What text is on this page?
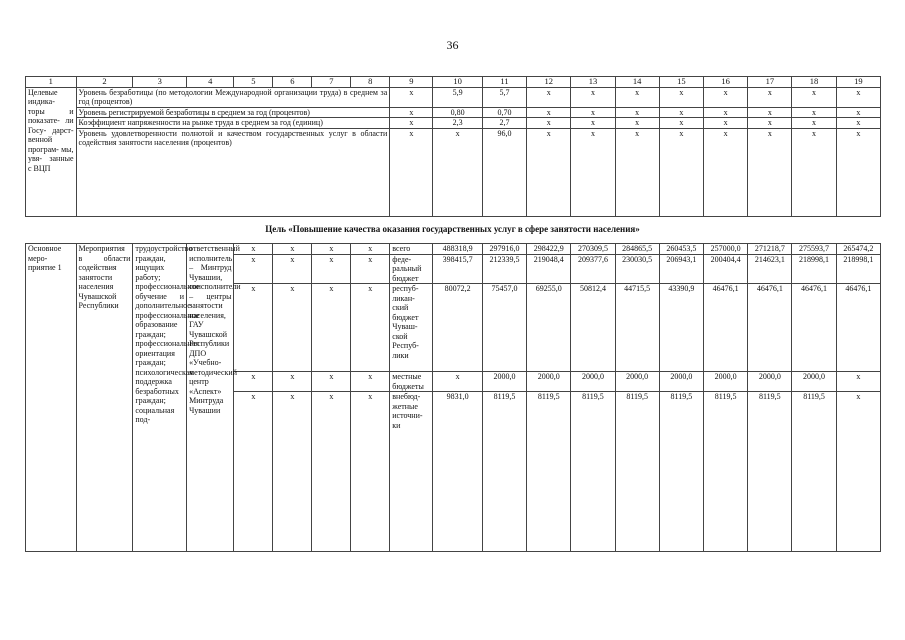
36
1	2	3	4	5	6	7	8	9	10	11	12	13	14	15	16	17	18	19
Целевые индика- торы и показате- ли Госу- дарст- венной програм- мы, увя- занные с ВЦП	Уровень безработицы (по методологии Международной организации труда) в среднем за год (процентов)							х	5,9	5,7	х	х	х	х	х	х	х	х
	Уровень регистрируемой безработицы в среднем за год (процентов)							х	0,80	0,70	х	х	х	х	х	х	х	х
	Коэффициент напряженности на рынке труда в среднем за год (единиц)							х	2,3	2,7	х	х	х	х	х	х	х	х
	Уровень удовлетворенности полнотой и качеством государственных услуг в области содействия занятости населения (процентов)							х	х	96,0	х	х	х	х	х	х	х	х
Цель «Повышение качества оказания государственных услуг в сфере занятости населения»
Основное меро- приятие 1	Мероприятия в области содействия занятости населения Чувашской Республики	трудоустройство граждан, ищущих работу; профессиональное обучение и дополнительное профессиональное образование граждан; профессиональная ориентация граждан; психологическая поддержка безработных граждан; социальная под-	ответственный исполнитель – Минтруд Чувашии, соисполнители – центры занятости населения, ГАУ Чувашской Республики ДПО «Учебно-методический центр «Аспект» Минтруда Чувашии	х	х	х	х	всего	488318,9	297916,0	298422,9	270309,5	284865,5	260453,5	257000,0	271218,7	275593,7	265474,2
				х	х	х	х	феде- ральный бюджет	398415,7	212339,5	219048,4	209377,6	230030,5	206943,1	200404,4	214623,1	218998,1	218998,1
				х	х	х	х	респуб- ликан- ский бюджет Чуваш- ской Респуб- лики	80072,2	75457,0	69255,0	50812,4	44715,5	43390,9	46476,1	46476,1	46476,1	46476,1
				х	х	х	х	местные бюджеты	х	2000,0	2000,0	2000,0	2000,0	2000,0	2000,0	2000,0	2000,0	х
				х	х	х	х	внебюд- жетные источни- ки	9831,0	8119,5	8119,5	8119,5	8119,5	8119,5	8119,5	8119,5	8119,5	х
